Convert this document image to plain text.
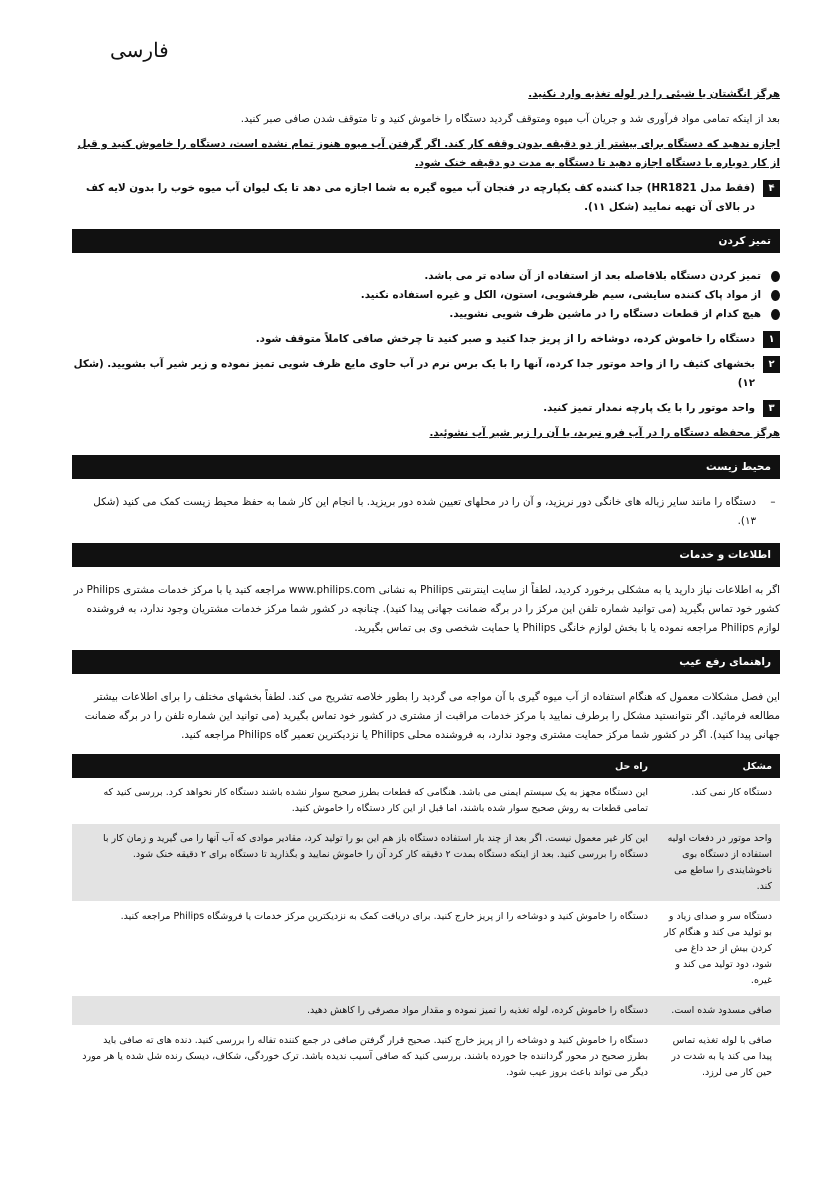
فارسی

هرگز انگشتان یا شیئی را در لوله تغذیه وارد نکنید.

بعد از اینکه تمامی مواد فرآوری شد و جریان آب میوه ومتوقف گردید دستگاه را خاموش کنید و تا متوقف شدن صافی صبر کنید.

اجازه ندهید که دستگاه برای بیشتر از دو دقیقه بدون وقفه کار کند. اگر گرفتن آب میوه هنوز تمام نشده است، دستگاه را خاموش کنید و قبل از کار دوباره با دستگاه اجازه دهید تا دستگاه به مدت دو دقیقه خنک شود.

۴

(فقط مدل HR1821) جدا کننده کف یکپارچه در فنجان آب میوه گیره به شما اجازه می دهد تا یک لیوان آب میوه خوب را بدون لایه کف در بالای آن تهیه نمایید (شکل ۱۱).

تمیز کردن

تمیز کردن دستگاه بلافاصله بعد از استفاده از آن ساده تر می باشد.

از مواد پاک کننده سایشی، سیم ظرفشویی، استون، الکل و غیره استفاده نکنید.

هیچ کدام از قطعات دستگاه را در ماشین ظرف شویی نشویید.

۱

دستگاه را خاموش کرده، دوشاخه را از پریز جدا کنید و صبر کنید تا چرخش صافی کاملاً متوقف شود.

۲

بخشهای کثیف را از واحد موتور جدا کرده، آنها را با یک برس نرم در آب حاوی مایع ظرف شویی تمیز نموده و زیر شیر آب بشویید. (شکل ۱۲)

۳

واحد موتور را با یک پارچه نمدار تمیز کنید.

هرگز محفظه دستگاه را در آب فرو نبرید، یا آن را زیر شیر آب نشوئید.

محیط زیست
–

دستگاه را مانند سایر زباله های خانگی دور نریزید، و آن را در محلهای تعیین شده دور بریزید. با انجام این کار شما به حفظ محیط زیست کمک می کنید (شکل ۱۳).

اطلاعات و خدمات

اگر به اطلاعات نیاز دارید یا به مشکلی برخورد کردید، لطفاً از سایت اینترنتی Philips به نشانی www.philips.com مراجعه کنید یا با مرکز خدمات مشتری Philips در کشور خود تماس بگیرید (می توانید شماره تلفن این مرکز را در برگه ضمانت جهانی پیدا کنید). چنانچه در کشور شما مرکز خدمات مشتریان وجود ندارد، به فروشنده لوازم Philips مراجعه نموده یا با بخش لوازم خانگی Philips یا حمایت شخصی وی بی تماس بگیرید.

راهنمای رفع عیب

این فصل مشکلات معمول که هنگام استفاده از آب میوه گیری با آن مواجه می گردید را بطور خلاصه تشریح می کند. لطفاً بخشهای مختلف را برای اطلاعات بیشتر مطالعه فرمائید. اگر نتوانستید مشکل را برطرف نمایید با مرکز خدمات مراقبت از مشتری در کشور خود تماس بگیرید (می توانید این شماره تلفن را در برگه ضمانت جهانی پیدا کنید). اگر در کشور شما مرکز حمایت مشتری وجود ندارد، به فروشنده محلی Philips یا نزدیکترین تعمیر گاه Philips مراجعه کنید.

مشکل	راه حل
دستگاه کار نمی کند.	این دستگاه مجهز به یک سیستم ایمنی می باشد. هنگامی که قطعات بطرز صحیح سوار نشده باشند دستگاه کار نخواهد کرد. بررسی کنید که تمامی قطعات به روش صحیح سوار شده باشند، اما قبل از این کار دستگاه را خاموش کنید.
واحد موتور در دفعات اولیه استفاده از دستگاه بوی ناخوشایندی را ساطع می کند.	این کار غیر معمول نیست. اگر بعد از چند بار استفاده دستگاه باز هم این بو را تولید کرد، مقادیر موادی که آب آنها را می گیرید و زمان کار با دستگاه را بررسی کنید. بعد از اینکه دستگاه بمدت ۲ دقیقه کار کرد آن را خاموش نمایید و بگذارید تا دستگاه برای ۲ دقیقه خنک شود.
دستگاه سر و صدای زیاد و بو تولید می کند و هنگام کار کردن بیش از حد داغ می شود، دود تولید می کند و غیره.	دستگاه را خاموش کنید و دوشاخه را از پریز خارج کنید. برای دریافت کمک به نزدیکترین مرکز خدمات یا فروشگاه Philips مراجعه کنید.
صافی مسدود شده است.	دستگاه را خاموش کرده، لوله تغذیه را تمیز نموده و مقدار مواد مصرفی را کاهش دهید.
صافی با لوله تغذیه تماس پیدا می کند یا به شدت در حین کار می لرزد.	دستگاه را خاموش کنید و دوشاخه را از پریز خارج کنید. صحیح قرار گرفتن صافی در جمع کننده تفاله را بررسی کنید. دنده های ته صافی باید بطرز صحیح در محور گرداننده جا خورده باشند. بررسی کنید که صافی آسیب ندیده باشد. ترک خوردگی، شکاف، دیسک رنده شل شده یا هر مورد دیگر می تواند باعث بروز عیب شود.
